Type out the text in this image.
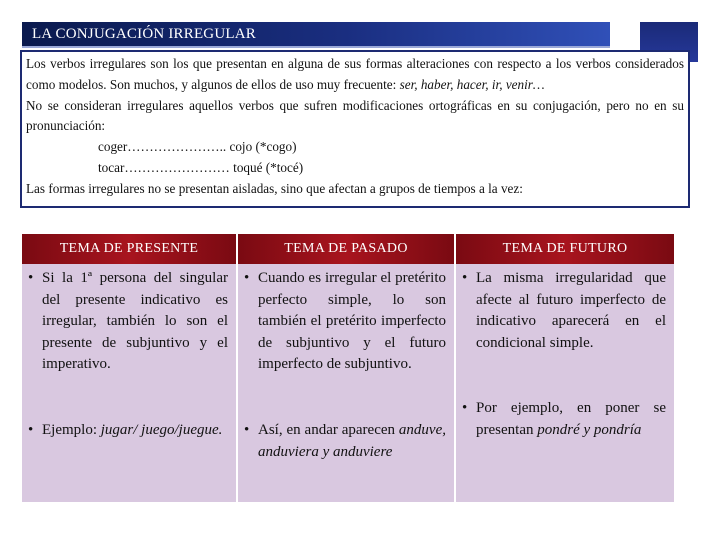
LA CONJUGACIÓN IRREGULAR

Los verbos irregulares son los que presentan en alguna de sus formas alteraciones con respecto a los verbos considerados como modelos. Son muchos, y algunos de ellos de uso muy frecuente: ser, haber, hacer, ir, venir…

No se consideran irregulares aquellos verbos que sufren modificaciones ortográficas en su conjugación, pero no en su pronunciación:

coger………………….. cojo (*cogo)

tocar…………………… toqué (*tocé)

Las formas irregulares no se presentan aisladas, sino que afectan a grupos de tiempos a la vez:

TEMA DE PRESENTE
• Si la 1ª persona del singular del presente indicativo es irregular, también lo son el presente de subjuntivo y el imperativo.
• Ejemplo: jugar/ juego/juegue.
TEMA DE PASADO
• Cuando es irregular el pretérito perfecto simple, lo son también el pretérito imperfecto de subjuntivo y el futuro imperfecto de subjuntivo.
• Así, en andar aparecen anduve, anduviera y anduviere
TEMA DE FUTURO
• La misma irregularidad que afecte al futuro imperfecto de indicativo aparecerá en el condicional simple.
• Por ejemplo, en poner se presentan pondré y pondría
